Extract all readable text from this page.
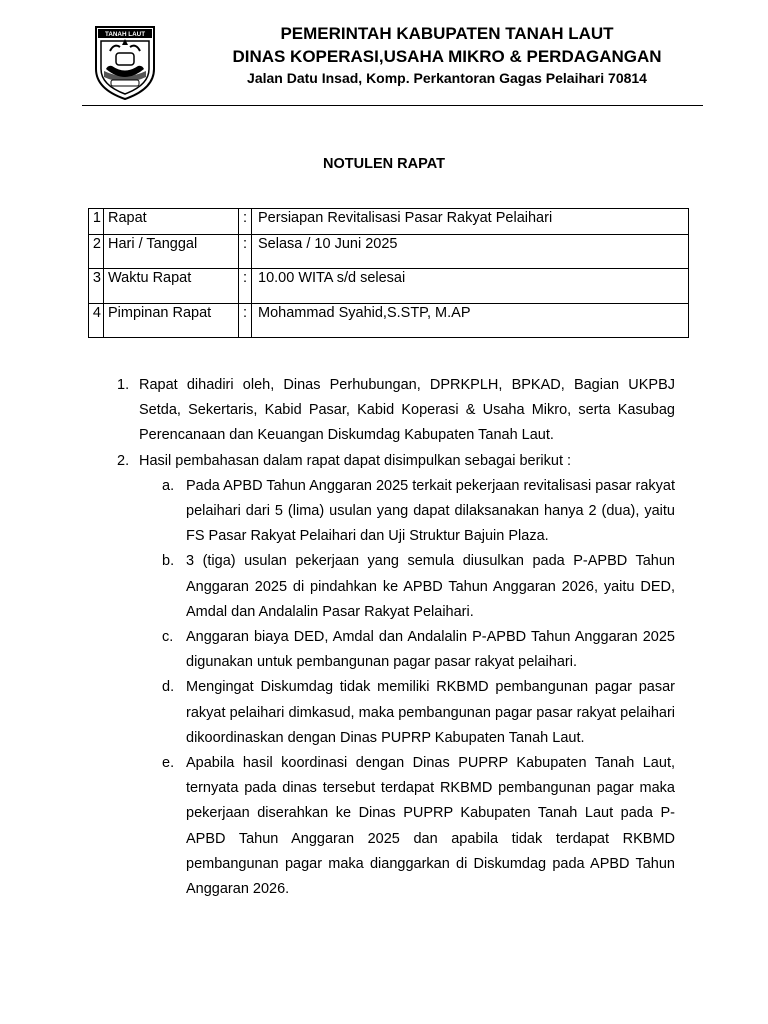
TANAH LAUT	PEMERINTAH KABUPATEN TANAH LAUT
DINAS KOPERASI,USAHA MIKRO & PERDAGANGAN
Jalan Datu Insad, Komp. Perkantoran Gagas Pelaihari 70814
NOTULEN RAPAT
1	Rapat	:	Persiapan Revitalisasi Pasar Rakyat Pelaihari
2	Hari / Tanggal	:	Selasa / 10 Juni 2025
3	Waktu Rapat	:	10.00 WITA s/d selesai
4	Pimpinan Rapat	:	Mohammad Syahid,S.STP, M.AP
1. Rapat dihadiri oleh, Dinas Perhubungan, DPRKPLH, BPKAD, Bagian UKPBJ Setda, Sekertaris, Kabid Pasar, Kabid Koperasi & Usaha Mikro, serta Kasubag Perencanaan dan Keuangan Diskumdag Kabupaten Tanah Laut.
2. Hasil pembahasan dalam rapat dapat disimpulkan sebagai berikut :
a. Pada APBD Tahun Anggaran 2025 terkait pekerjaan revitalisasi pasar rakyat pelaihari dari 5 (lima) usulan yang dapat dilaksanakan hanya 2 (dua), yaitu FS Pasar Rakyat Pelaihari dan Uji Struktur Bajuin Plaza.
b. 3 (tiga) usulan pekerjaan yang semula diusulkan pada P-APBD Tahun Anggaran 2025 di pindahkan ke APBD Tahun Anggaran 2026, yaitu DED, Amdal dan Andalalin Pasar Rakyat Pelaihari.
c. Anggaran biaya DED, Amdal dan Andalalin P-APBD Tahun Anggaran 2025 digunakan untuk pembangunan pagar pasar rakyat pelaihari.
d. Mengingat Diskumdag tidak memiliki RKBMD pembangunan pagar pasar rakyat pelaihari dimkasud, maka pembangunan pagar pasar rakyat pelaihari dikoordinaskan dengan Dinas PUPRP Kabupaten Tanah Laut.
e. Apabila hasil koordinasi dengan Dinas PUPRP Kabupaten Tanah Laut, ternyata pada dinas tersebut terdapat RKBMD pembangunan pagar maka pekerjaan diserahkan ke Dinas PUPRP Kabupaten Tanah Laut pada P-APBD Tahun Anggaran 2025 dan apabila tidak terdapat RKBMD pembangunan pagar maka dianggarkan di Diskumdag pada APBD Tahun Anggaran 2026.
